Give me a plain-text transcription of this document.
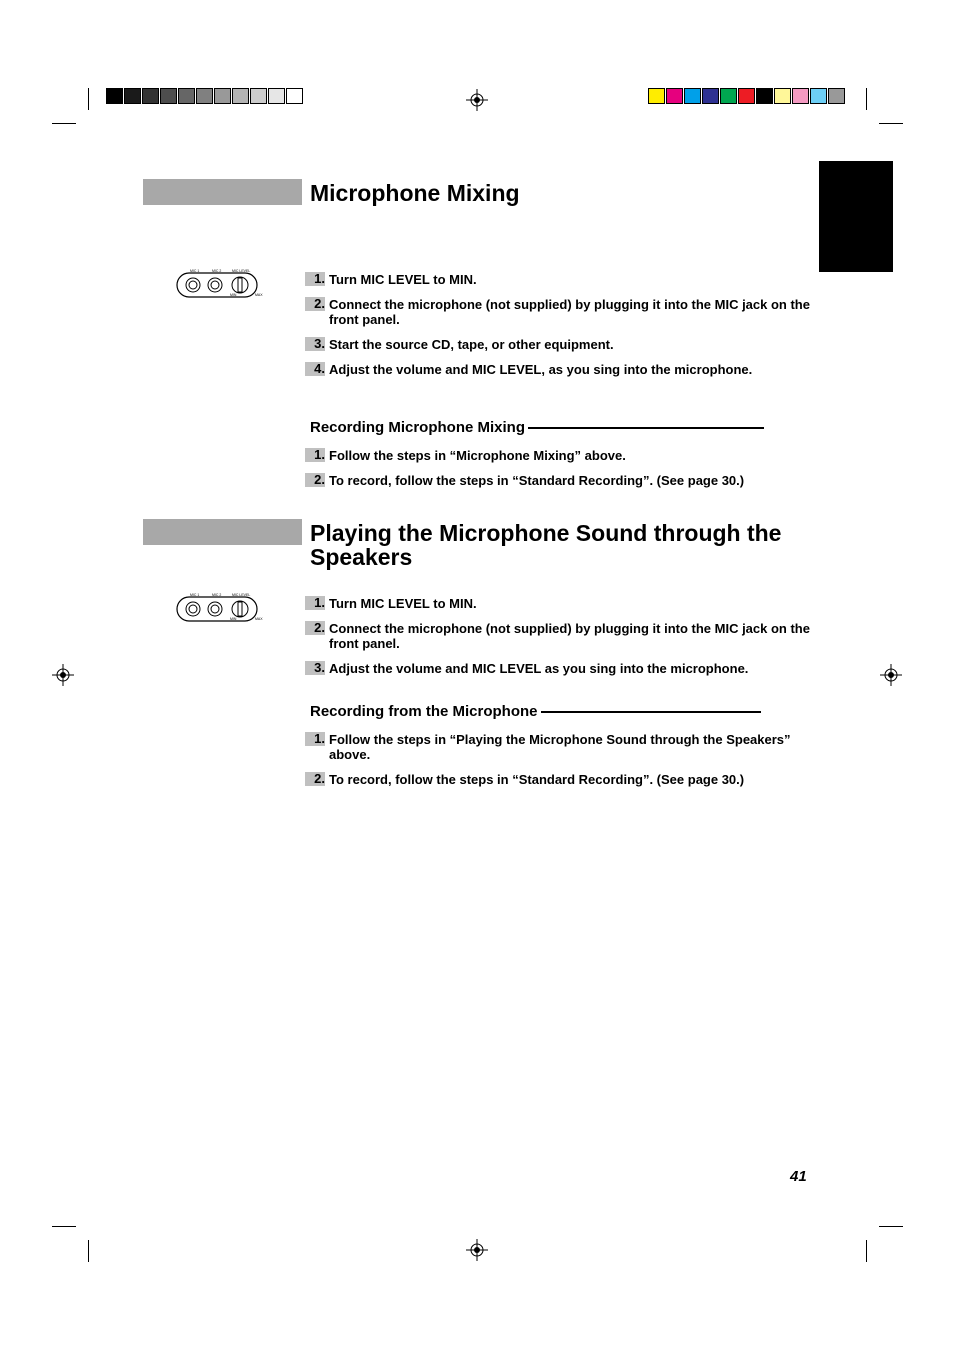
Microphone Mixing
MIC 1	MIC 2	MIC LEVEL
MIN	MAX
1. Turn MIC LEVEL to MIN.
2. Connect the microphone (not supplied) by plugging it into the MIC jack on the front panel.
3. Start the source CD, tape, or other equipment.
4. Adjust the volume and MIC LEVEL, as you sing into the microphone.
Recording Microphone Mixing
1. Follow the steps in “Microphone Mixing” above.
2. To record, follow the steps in “Standard Recording”. (See page 30.)
Playing the Microphone Sound through the Speakers
MIC 1	MIC 2	MIC LEVEL
MIN	MAX
1. Turn MIC LEVEL to MIN.
2. Connect the microphone (not supplied) by plugging it into the MIC jack on the front panel.
3. Adjust the volume and MIC LEVEL as you sing into the microphone.
Recording from the Microphone
1. Follow the steps in “Playing the Microphone Sound through the Speakers” above.
2. To record, follow the steps in “Standard Recording”. (See page 30.)
41
